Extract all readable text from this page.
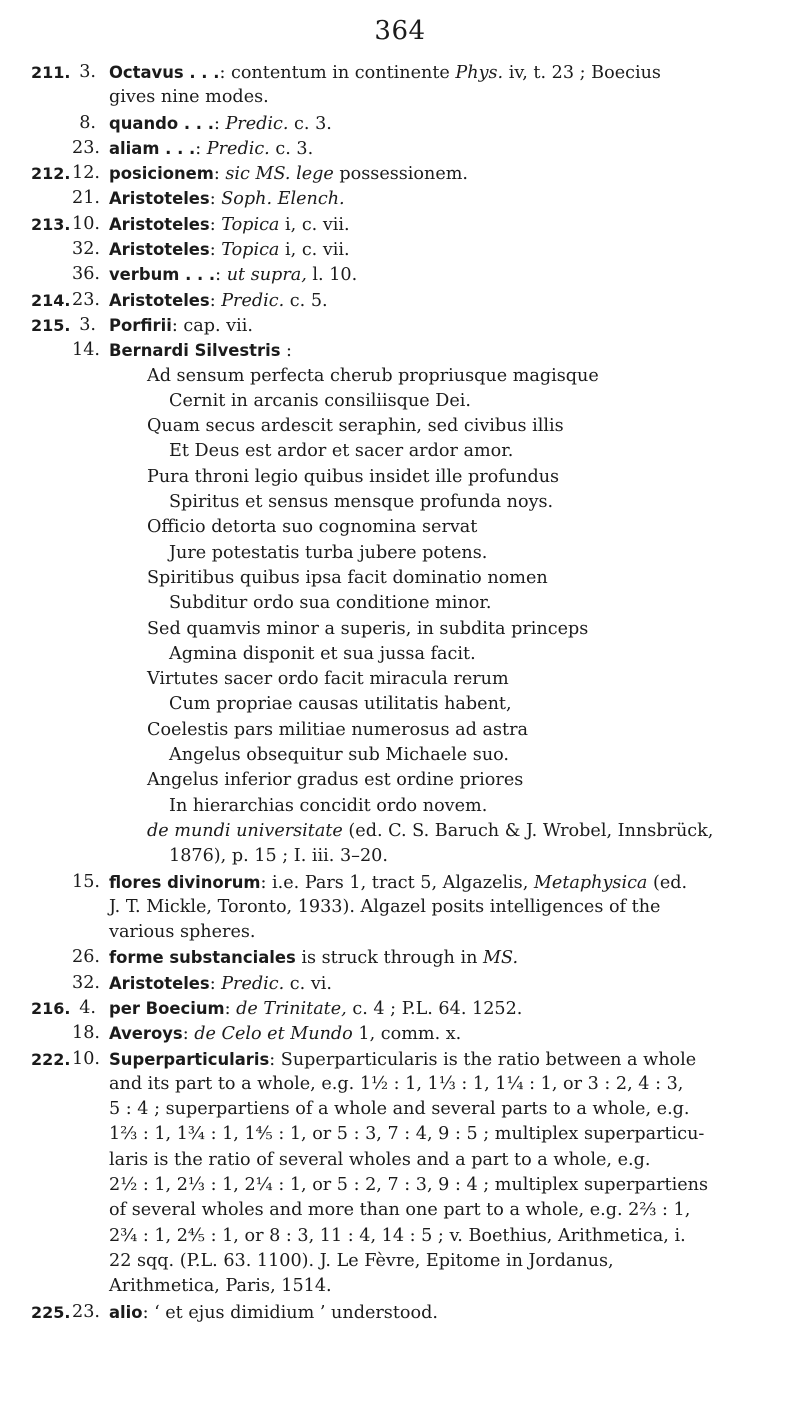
364
211. 3. Octavus . . .: contentum in continente Phys. iv, t. 23 ; Boecius
gives nine modes.
8. quando . . .: Predic. c. 3.
23. aliam . . .: Predic. c. 3.
212. 12. posicionem: sic MS. lege possessionem.
21. Aristoteles: Soph. Elench.
213. 10. Aristoteles: Topica i, c. vii.
32. Aristoteles: Topica i, c. vii.
36. verbum . . .: ut supra, l. 10.
214. 23. Aristoteles: Predic. c. 5.
215. 3. Porfirii: cap. vii.
14. Bernardi Silvestris :
Ad sensum perfecta cherub propriusque magisque
Cernit in arcanis consiliisque Dei.
Quam secus ardescit seraphin, sed civibus illis
Et Deus est ardor et sacer ardor amor.
Pura throni legio quibus insidet ille profundus
Spiritus et sensus mensque profunda noys.
Officio detorta suo cognomina servat
Jure potestatis turba jubere potens.
Spiritibus quibus ipsa facit dominatio nomen
Subditur ordo sua conditione minor.
Sed quamvis minor a superis, in subdita princeps
Agmina disponit et sua jussa facit.
Virtutes sacer ordo facit miracula rerum
Cum propriae causas utilitatis habent,
Coelestis pars militiae numerosus ad astra
Angelus obsequitur sub Michaele suo.
Angelus inferior gradus est ordine priores
In hierarchias concidit ordo novem.
de mundi universitate (ed. C. S. Baruch & J. Wrobel, Innsbrück,
1876), p. 15 ; I. iii. 3–20.
15. flores divinorum: i.e. Pars 1, tract 5, Algazelis, Metaphysica (ed.
J. T. Mickle, Toronto, 1933). Algazel posits intelligences of the
various spheres.
26. forme substanciales is struck through in MS.
32. Aristoteles: Predic. c. vi.
216. 4. per Boecium: de Trinitate, c. 4 ; P.L. 64. 1252.
18. Averoys: de Celo et Mundo 1, comm. x.
222. 10. Superparticularis: Superparticularis is the ratio between a whole
and its part to a whole, e.g. 1½ : 1, 1⅓ : 1, 1¼ : 1, or 3 : 2, 4 : 3,
5 : 4 ; superpartiens of a whole and several parts to a whole, e.g.
1⅔ : 1, 1¾ : 1, 1⅘ : 1, or 5 : 3, 7 : 4, 9 : 5 ; multiplex superparticu-
laris is the ratio of several wholes and a part to a whole, e.g.
2½ : 1, 2⅓ : 1, 2¼ : 1, or 5 : 2, 7 : 3, 9 : 4 ; multiplex superpartiens
of several wholes and more than one part to a whole, e.g. 2⅔ : 1,
2¾ : 1, 2⅘ : 1, or 8 : 3, 11 : 4, 14 : 5 ; v. Boethius, Arithmetica, i.
22 sqq. (P.L. 63. 1100). J. Le Fèvre, Epitome in Jordanus,
Arithmetica, Paris, 1514.
225. 23. alio: ‘ et ejus dimidium ’ understood.
